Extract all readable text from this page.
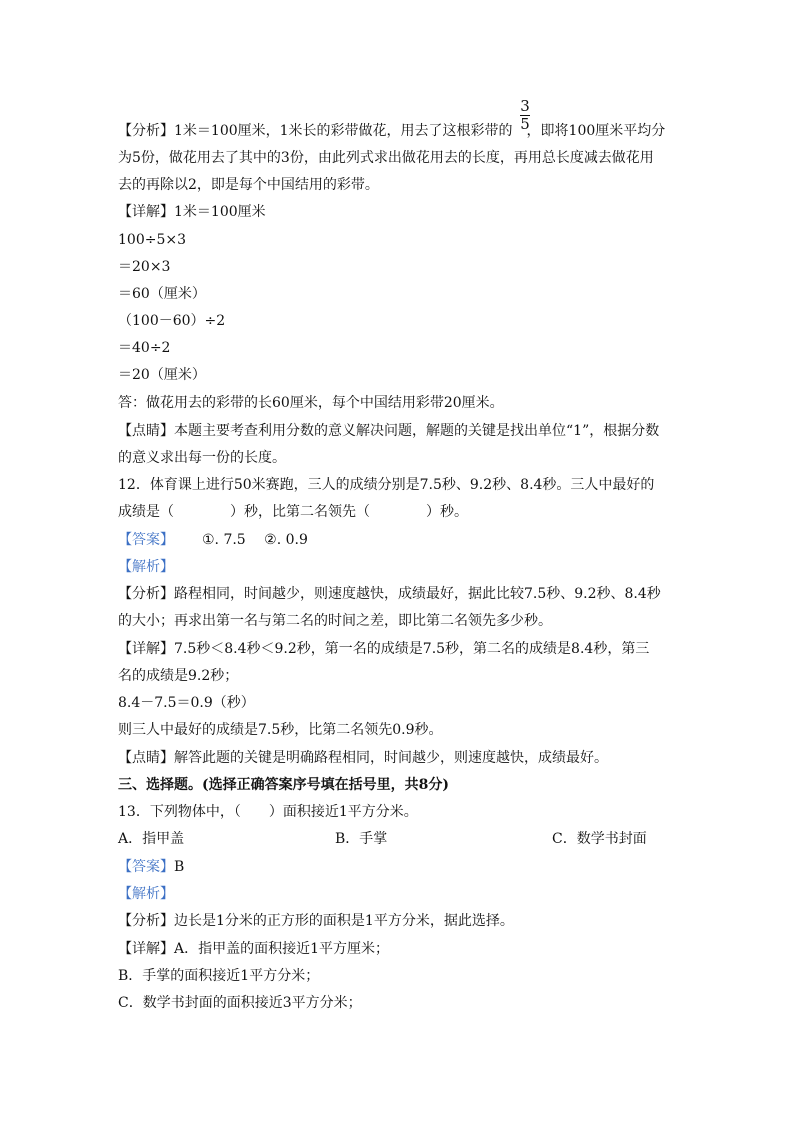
3
5
【分析】1米＝100厘米，1米长的彩带做花，用去了这根彩带的 ，即将100厘米平均分
为5份，做花用去了其中的3份，由此列式求出做花用去的长度，再用总长度减去做花用
去的再除以2，即是每个中国结用的彩带。
【详解】1米＝100厘米
100÷5×3
＝20×3
＝60（厘米）
（100－60）÷2
＝40÷2
＝20（厘米）
答：做花用去的彩带的长60厘米，每个中国结用彩带20厘米。
【点睛】本题主要考查利用分数的意义解决问题，解题的关键是找出单位“1”，根据分数
的意义求出每一份的长度。
12．体育课上进行50米赛跑，三人的成绩分别是7.5秒、9.2秒、8.4秒。三人中最好的
成绩是（　　　　）秒，比第二名领先（　　　　）秒。
【答案】 ①. 7.5　 ②. 0.9
【解析】
【分析】路程相同，时间越少，则速度越快，成绩最好，据此比较7.5秒、9.2秒、8.4秒
的大小；再求出第一名与第二名的时间之差，即比第二名领先多少秒。
【详解】7.5秒＜8.4秒＜9.2秒，第一名的成绩是7.5秒，第二名的成绩是8.4秒，第三
名的成绩是9.2秒；
8.4－7.5＝0.9（秒）
则三人中最好的成绩是7.5秒，比第二名领先0.9秒。
【点睛】解答此题的关键是明确路程相同，时间越少，则速度越快，成绩最好。
三、选择题。(选择正确答案序号填在括号里，共8分)
13．下列物体中，（　　）面积接近1平方分米。
A．指甲盖	B．手掌	C．数学书封面
【答案】B
【解析】
【分析】边长是1分米的正方形的面积是1平方分米，据此选择。
【详解】A．指甲盖的面积接近1平方厘米；
B．手掌的面积接近1平方分米；
C．数学书封面的面积接近3平方分米；
